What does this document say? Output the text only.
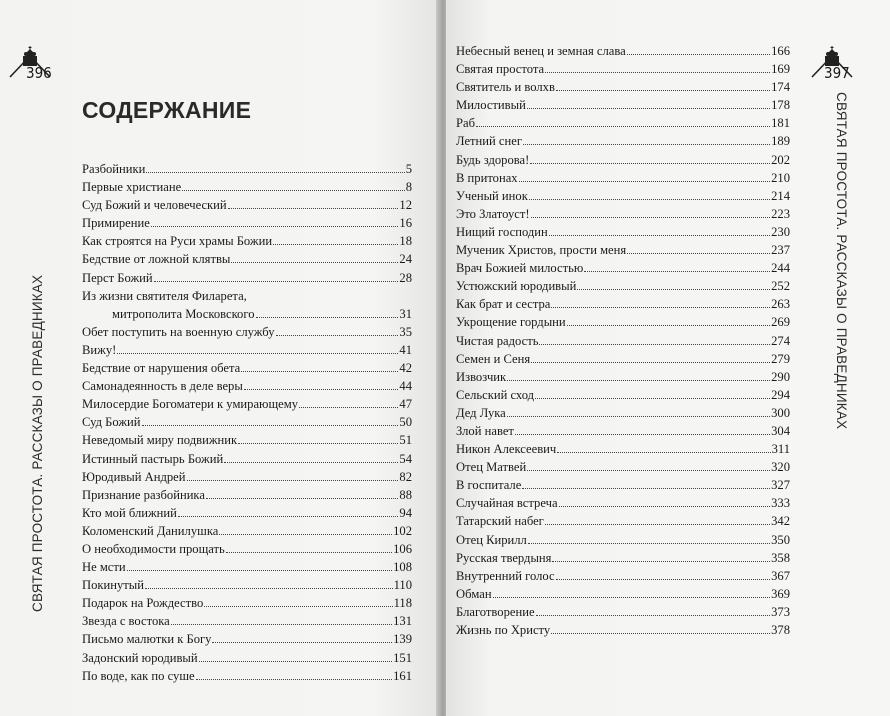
396
СВЯТАЯ ПРОСТОТА. РАССКАЗЫ О ПРАВЕДНИКАХ
СОДЕРЖАНИЕ
Разбойники	5
Первые христиане	8
Суд Божий и человеческий	12
Примирение	16
Как строятся на Руси храмы Божии	18
Бедствие от ложной клятвы	24
Перст Божий	28
Из жизни святителя Филарета,
митрополита Московского	31
Обет поступить на военную службу	35
Вижу!	41
Бедствие от нарушения обета	42
Самонадеянность в деле веры	44
Милосердие Богоматери к умирающему	47
Суд Божий	50
Неведомый миру подвижник	51
Истинный пастырь Божий	54
Юродивый Андрей	82
Признание разбойника	88
Кто мой ближний	94
Коломенский Данилушка	102
О необходимости прощать	106
Не мсти	108
Покинутый	110
Подарок на Рождество	118
Звезда с востока	131
Письмо малютки к Богу	139
Задонский юродивый	151
По воде, как по суше	161
397
Небесный венец и земная слава	166
Святая простота	169
Святитель и волхв	174
Милостивый	178
Раб	181
Летний снег	189
Будь здорова!	202
В притонах	210
Ученый инок	214
Это Златоуст!	223
Нищий господин	230
Мученик Христов, прости меня	237
Врач Божией милостью	244
Устюжский юродивый	252
Как брат и сестра	263
Укрощение гордыни	269
Чистая радость	274
Семен и Сеня	279
Извозчик	290
Сельский сход	294
Дед Лука	300
Злой навет	304
Никон Алексеевич	311
Отец Матвей	320
В госпитале	327
Случайная встреча	333
Татарский набег	342
Отец Кирилл	350
Русская твердыня	358
Внутренний голос	367
Обман	369
Благотворение	373
Жизнь по Христу	378
СВЯТАЯ ПРОСТОТА. РАССКАЗЫ О ПРАВЕДНИКАХ
